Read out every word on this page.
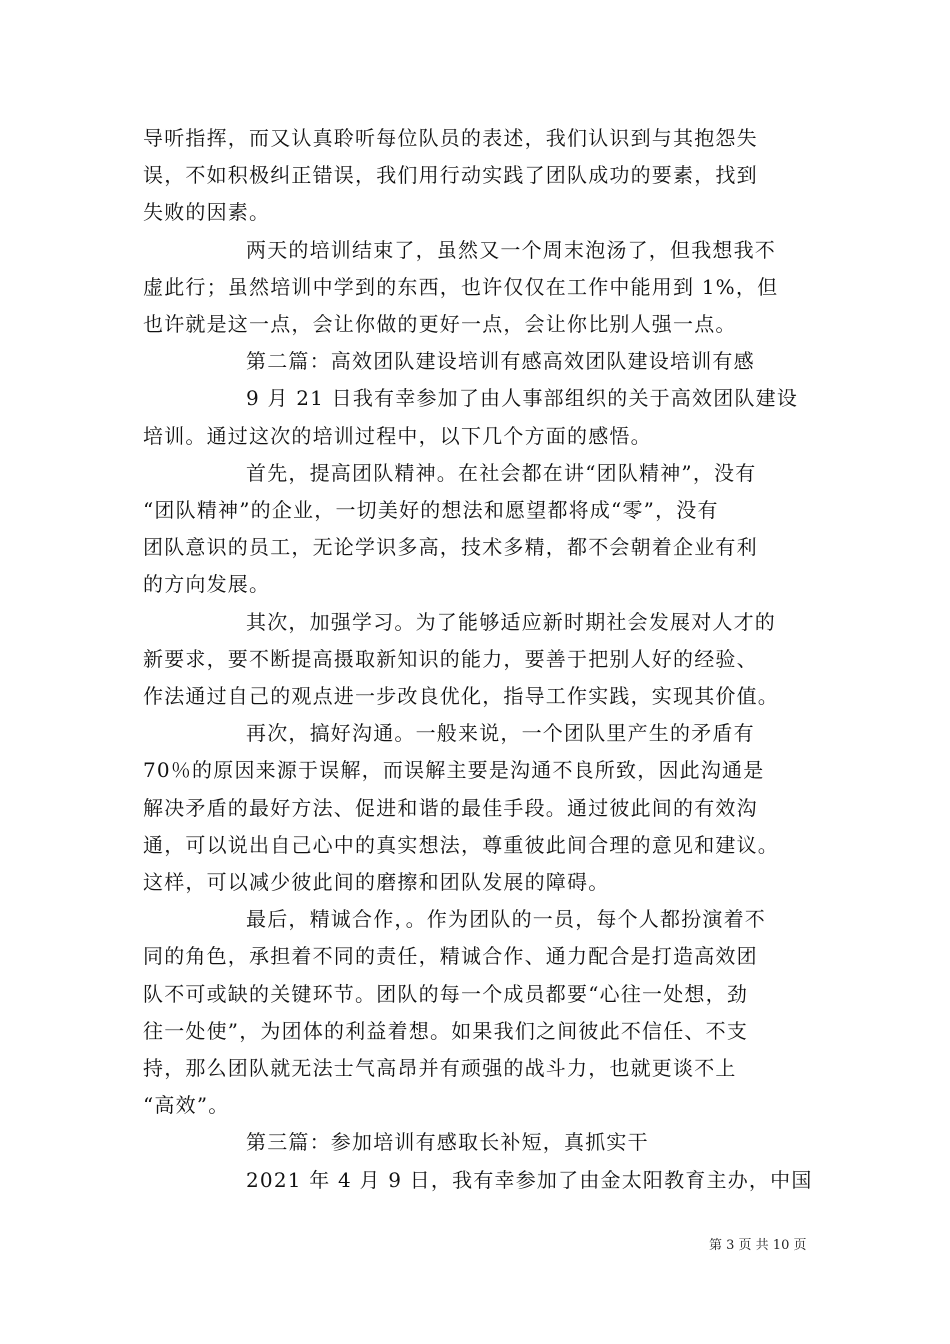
导听指挥，而又认真聆听每位队员的表述，我们认识到与其抱怨失

误，不如积极纠正错误，我们用行动实践了团队成功的要素，找到

失败的因素。

两天的培训结束了，虽然又一个周末泡汤了，但我想我不

虚此行；虽然培训中学到的东西，也许仅仅在工作中能用到 1%，但

也许就是这一点，会让你做的更好一点，会让你比别人强一点。

第二篇：高效团队建设培训有感高效团队建设培训有感

9 月 21 日我有幸参加了由人事部组织的关于高效团队建设

培训。通过这次的培训过程中，以下几个方面的感悟。

首先，提高团队精神。在社会都在讲“团队精神”，没有

“团队精神”的企业，一切美好的想法和愿望都将成“零”，没有

团队意识的员工，无论学识多高，技术多精，都不会朝着企业有利

的方向发展。

其次，加强学习。为了能够适应新时期社会发展对人才的

新要求，要不断提高摄取新知识的能力，要善于把别人好的经验、

作法通过自己的观点进一步改良优化，指导工作实践，实现其价值。

再次，搞好沟通。一般来说，一个团队里产生的矛盾有

70％的原因来源于误解，而误解主要是沟通不良所致，因此沟通是

解决矛盾的最好方法、促进和谐的最佳手段。通过彼此间的有效沟

通，可以说出自己心中的真实想法，尊重彼此间合理的意见和建议。

这样，可以减少彼此间的磨擦和团队发展的障碍。

最后，精诚合作，。作为团队的一员，每个人都扮演着不

同的角色，承担着不同的责任，精诚合作、通力配合是打造高效团

队不可或缺的关键环节。团队的每一个成员都要“心往一处想，劲

往一处使”，为团体的利益着想。如果我们之间彼此不信任、不支

持，那么团队就无法士气高昂并有顽强的战斗力，也就更谈不上

“高效”。

第三篇：参加培训有感取长补短，真抓实干

2021 年 4 月 9 日，我有幸参加了由金太阳教育主办，中国

第 3 页 共 10 页
